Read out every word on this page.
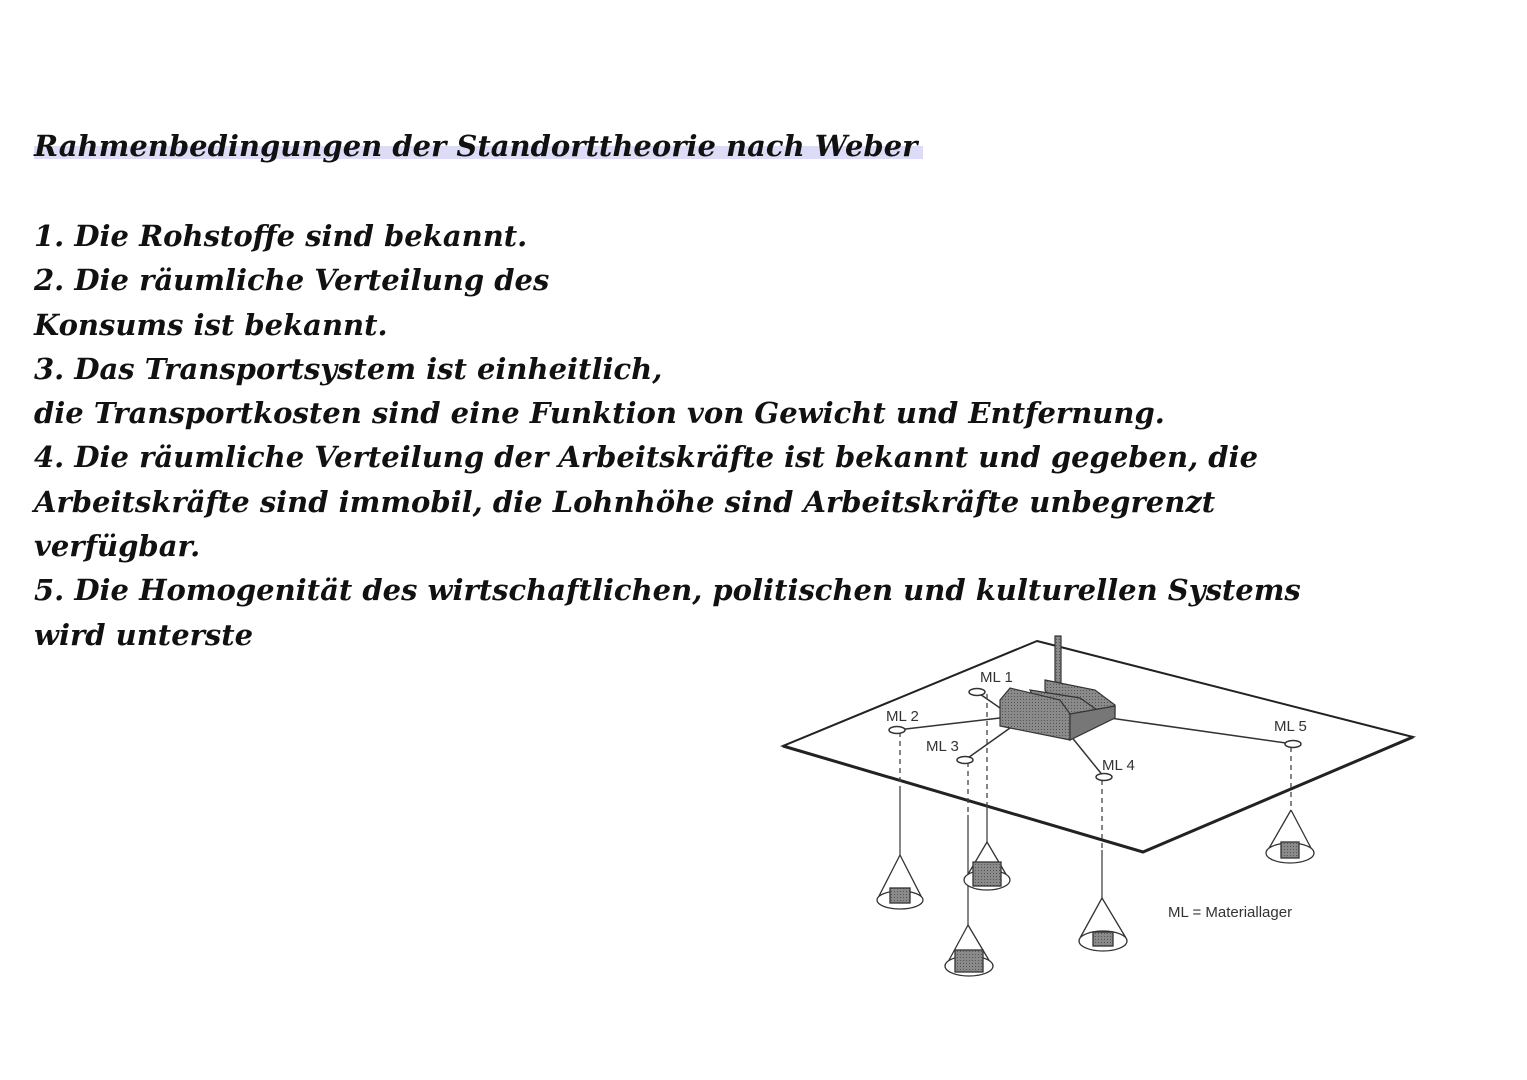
Rahmenbedingungen der Standorttheorie nach Weber
1. Die Rohstoffe sind bekannt.
2. Die räumliche Verteilung des
Konsums ist bekannt.
3. Das Transportsystem ist einheitlich,
die Transportkosten sind eine Funktion von Gewicht und Entfernung.
4. Die räumliche Verteilung der Arbeitskräfte ist bekannt und gegeben, die
Arbeitskräfte sind immobil, die Lohnhöhe sind Arbeitskräfte unbegrenzt
verfügbar.
5. Die Homogenität des wirtschaftlichen, politischen und kulturellen Systems
wird unterste
ML 1
ML 2
ML 3
ML 4
ML 5
ML = Materiallager
